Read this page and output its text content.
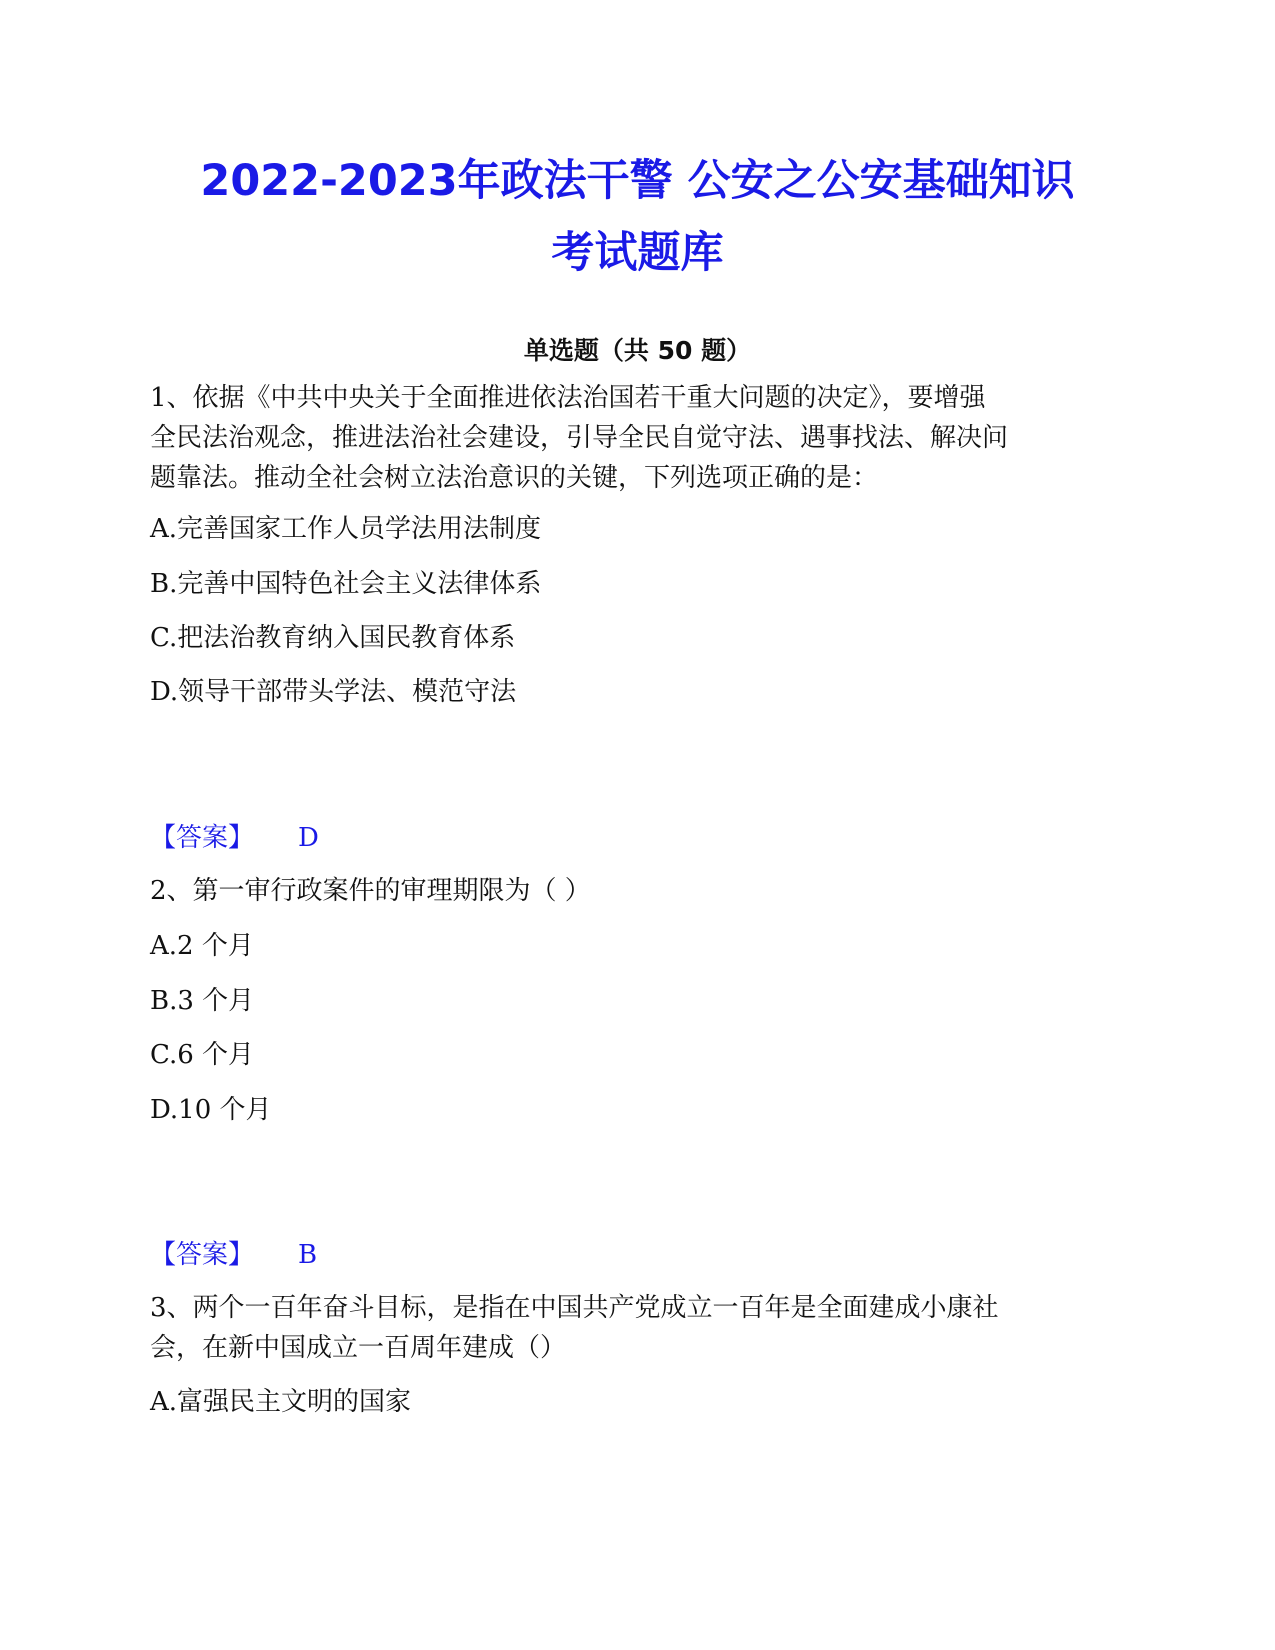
2022-2023年政法干警 公安之公安基础知识
考试题库
单选题（共 50 题）
1、依据《中共中央关于全面推进依法治国若干重大问题的决定》，要增强
全民法治观念，推进法治社会建设，引导全民自觉守法、遇事找法、解决问
题靠法。推动全社会树立法治意识的关键，下列选项正确的是：
A.完善国家工作人员学法用法制度
B.完善中国特色社会主义法律体系
C.把法治教育纳入国民教育体系
D.领导干部带头学法、模范守法
【答案】 D
2、第一审行政案件的审理期限为（ ）
A.2 个月
B.3 个月
C.6 个月
D.10 个月
【答案】 B
3、两个一百年奋斗目标，是指在中国共产党成立一百年是全面建成小康社
会，在新中国成立一百周年建成（）
A.富强民主文明的国家
